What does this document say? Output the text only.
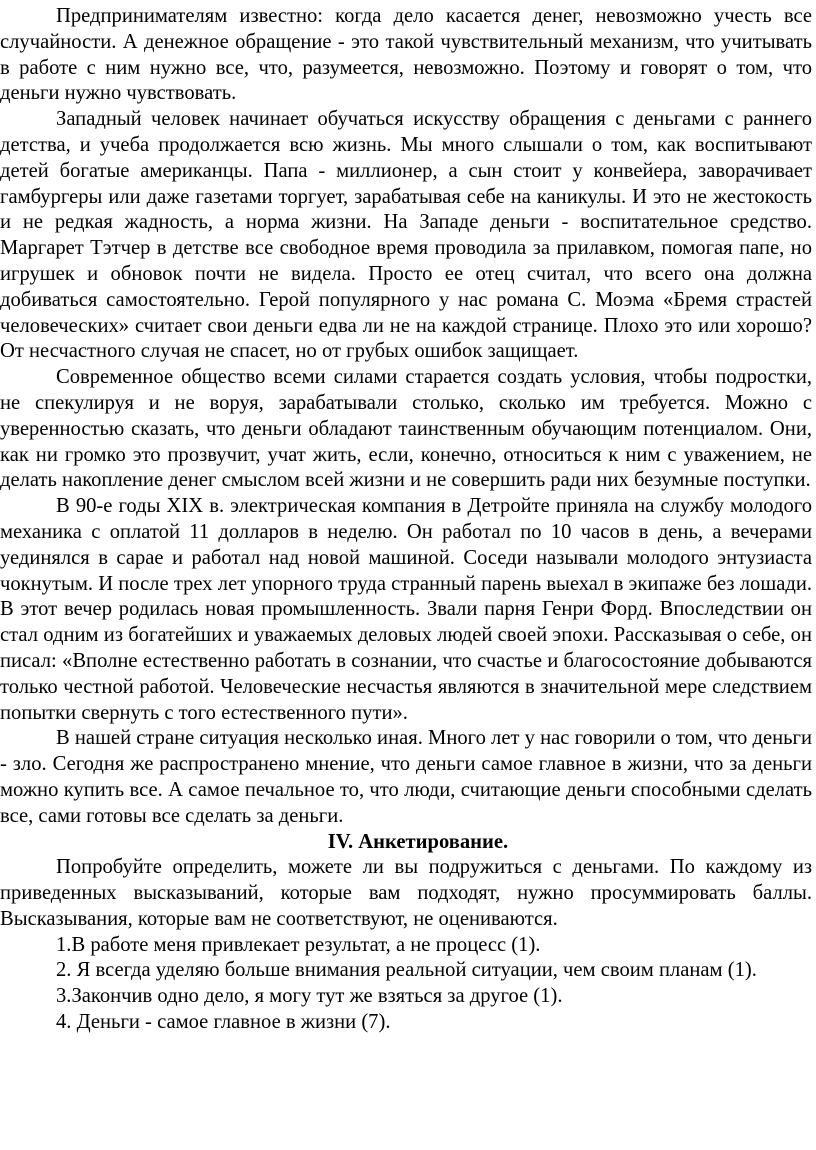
Предпринимателям известно: когда дело касается денег, невозможно учесть все случайности. А денежное обращение - это такой чувствительный механизм, что учитывать в работе с ним нужно все, что, разумеется, невозможно. Поэтому и говорят о том, что деньги нужно чувствовать.

Западный человек начинает обучаться искусству обращения с деньгами с раннего детства, и учеба продолжается всю жизнь. Мы много слышали о том, как воспитывают детей богатые американцы. Папа - миллионер, а сын стоит у конвейера, заворачивает гамбургеры или даже газетами торгует, зарабатывая себе на каникулы. И это не жестокость и не редкая жадность, а норма жизни. На Западе деньги - воспитательное средство. Маргарет Тэтчер в детстве все свободное время проводила за прилавком, помогая папе, но игрушек и обновок почти не видела. Просто ее отец считал, что всего она должна добиваться самостоятельно. Герой популярного у нас романа С. Моэма «Бремя страстей человеческих» считает свои деньги едва ли не на каждой странице. Плохо это или хорошо? От несчастного случая не спасет, но от грубых ошибок защищает.

Современное общество всеми силами старается создать условия, чтобы подростки, не спекулируя и не воруя, зарабатывали столько, сколько им требуется. Можно с уверенностью сказать, что деньги обладают таинственным обучающим потенциалом. Они, как ни громко это прозвучит, учат жить, если, конечно, относиться к ним с уважением, не делать накопление денег смыслом всей жизни и не совершить ради них безумные поступки.

В 90-е годы XIX в. электрическая компания в Детройте приняла на службу молодого механика с оплатой 11 долларов в неделю. Он работал по 10 часов в день, а вечерами уединялся в сарае и работал над новой машиной. Соседи называли молодого энтузиаста чокнутым. И после трех лет упорного труда странный парень выехал в экипаже без лошади. В этот вечер родилась новая промышленность. Звали парня Генри Форд. Впоследствии он стал одним из богатейших и уважаемых деловых людей своей эпохи. Рассказывая о себе, он писал: «Вполне естественно работать в сознании, что счастье и благосостояние добываются только честной работой. Человеческие несчастья являются в значительной мере следствием попытки свернуть с того естественного пути».

В нашей стране ситуация несколько иная. Много лет у нас говорили о том, что деньги - зло. Сегодня же распространено мнение, что деньги самое главное в жизни, что за деньги можно купить все. А самое печальное то, что люди, считающие деньги способными сделать все, сами готовы все сделать за деньги.

IV. Анкетирование.

Попробуйте определить, можете ли вы подружиться с деньгами. По каждому из приведенных высказываний, которые вам подходят, нужно просуммировать баллы. Высказывания, которые вам не соответствуют, не оцениваются.

1.В работе меня привлекает результат, а не процесс (1).

2. Я всегда уделяю больше внимания реальной ситуации, чем своим планам (1).

3.Закончив одно дело, я могу тут же взяться за другое (1).

4. Деньги - самое главное в жизни (7).
